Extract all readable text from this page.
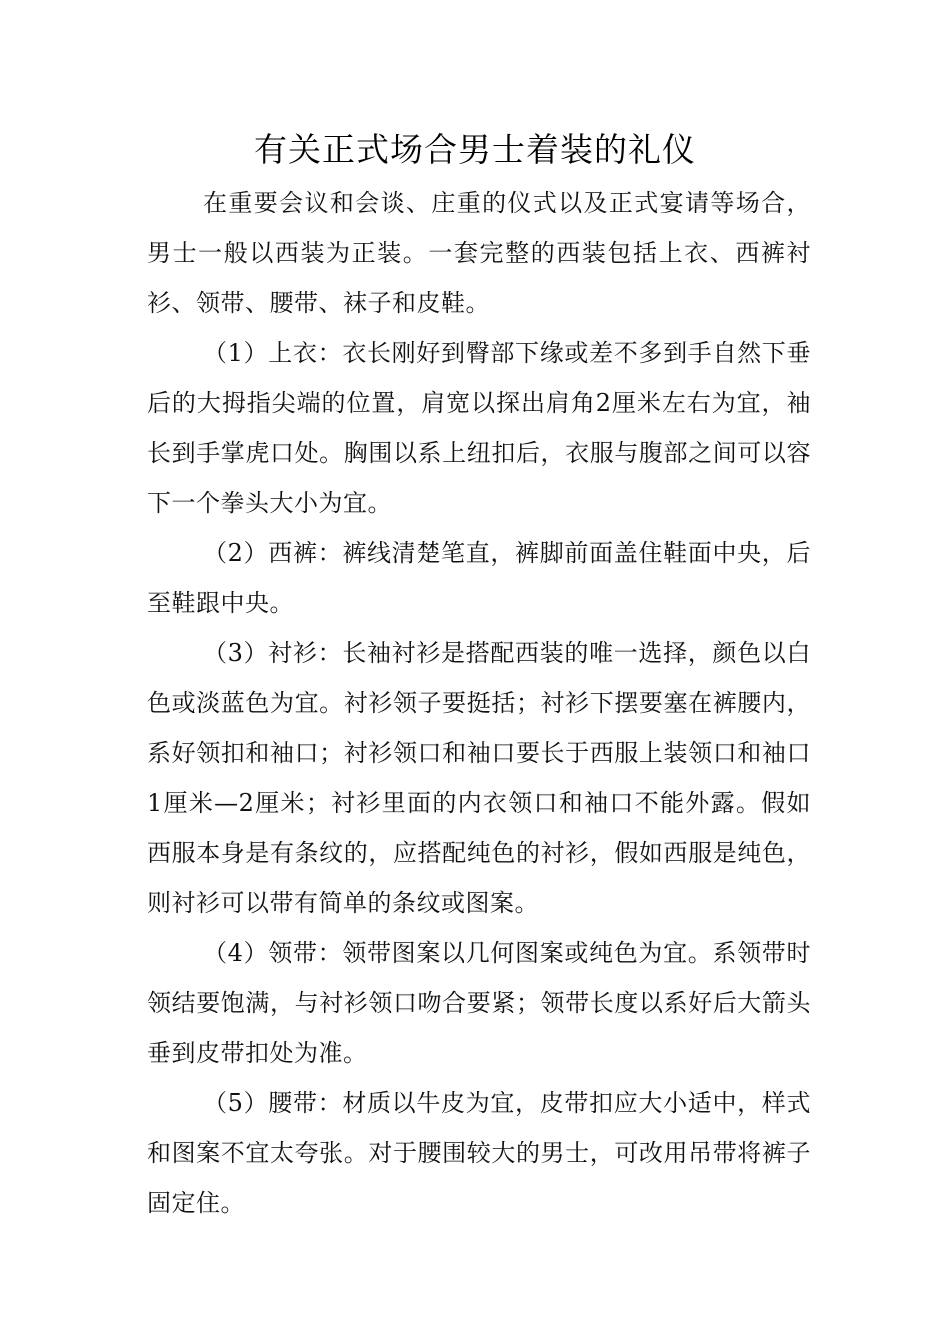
有关正式场合男士着装的礼仪

在重要会议和会谈、庄重的仪式以及正式宴请等场合，男士一般以西装为正装。一套完整的西装包括上衣、西裤衬衫、领带、腰带、袜子和皮鞋。

（1）上衣：衣长刚好到臀部下缘或差不多到手自然下垂后的大拇指尖端的位置，肩宽以探出肩角2厘米左右为宜，袖长到手掌虎口处。胸围以系上纽扣后，衣服与腹部之间可以容下一个拳头大小为宜。

（2）西裤：裤线清楚笔直，裤脚前面盖住鞋面中央，后至鞋跟中央。

（3）衬衫：长袖衬衫是搭配西装的唯一选择，颜色以白色或淡蓝色为宜。衬衫领子要挺括；衬衫下摆要塞在裤腰内，系好领扣和袖口；衬衫领口和袖口要长于西服上装领口和袖口1厘米—2厘米；衬衫里面的内衣领口和袖口不能外露。假如西服本身是有条纹的，应搭配纯色的衬衫，假如西服是纯色，则衬衫可以带有简单的条纹或图案。

（4）领带：领带图案以几何图案或纯色为宜。系领带时领结要饱满，与衬衫领口吻合要紧；领带长度以系好后大箭头垂到皮带扣处为准。

（5）腰带：材质以牛皮为宜，皮带扣应大小适中，样式和图案不宜太夸张。对于腰围较大的男士，可改用吊带将裤子固定住。
